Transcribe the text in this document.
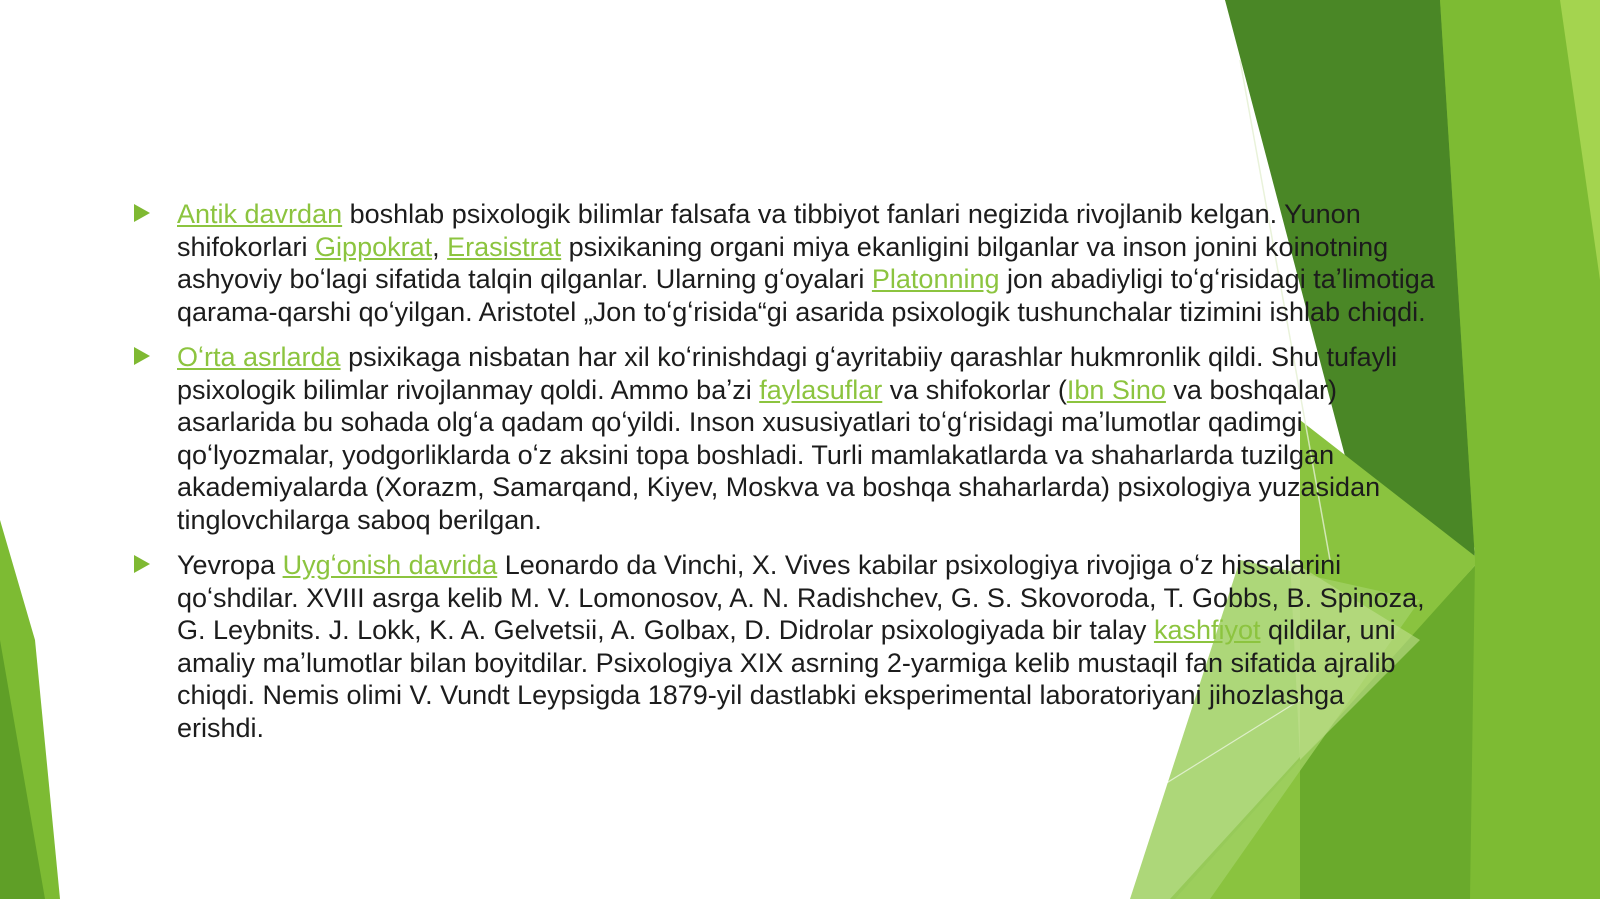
Antik davrdan boshlab psixologik bilimlar falsafa va tibbiyot fanlari negizida rivojlanib kelgan. Yunon shifokorlari Gippokrat, Erasistrat psixikaning organi miya ekanligini bilganlar va inson jonini koinotning ashyoviy boʻlagi sifatida talqin qilganlar. Ularning gʻoyalari Platonning jon abadiyligi toʻgʻrisidagi taʼlimotiga qarama-qarshi qoʻyilgan. Aristotel „Jon toʻgʻrisida“gi asarida psixologik tushunchalar tizimini ishlab chiqdi.
Oʻrta asrlarda psixikaga nisbatan har xil koʻrinishdagi gʻayritabiiy qarashlar hukmronlik qildi. Shu tufayli psixologik bilimlar rivojlanmay qoldi. Ammo baʼzi faylasuflar va shifokorlar (Ibn Sino va boshqalar) asarlarida bu sohada olgʻa qadam qoʻyildi. Inson xususiyatlari toʻgʻrisidagi maʼlumotlar qadimgi qoʻlyozmalar, yodgorliklarda oʻz aksini topa boshladi. Turli mamlakatlarda va shaharlarda tuzilgan akademiyalarda (Xorazm, Samarqand, Kiyev, Moskva va boshqa shaharlarda) psixologiya yuzasidan tinglovchilarga saboq berilgan.
Yevropa Uygʻonish davrida Leonardo da Vinchi, X. Vives kabilar psixologiya rivojiga oʻz hissalarini qoʻshdilar. XVIII asrga kelib M. V. Lomonosov, A. N. Radishchev, G. S. Skovoroda, T. Gobbs, B. Spinoza, G. Leybnits. J. Lokk, K. A. Gelvetsii, A. Golbax, D. Didrolar psixologiyada bir talay kashfiyot qildilar, uni amaliy maʼlumotlar bilan boyitdilar. Psixologiya XIX asrning 2-yarmiga kelib mustaqil fan sifatida ajralib chiqdi. Nemis olimi V. Vundt Leypsigda 1879-yil dastlabki eksperimental laboratoriyani jihozlashga erishdi.
